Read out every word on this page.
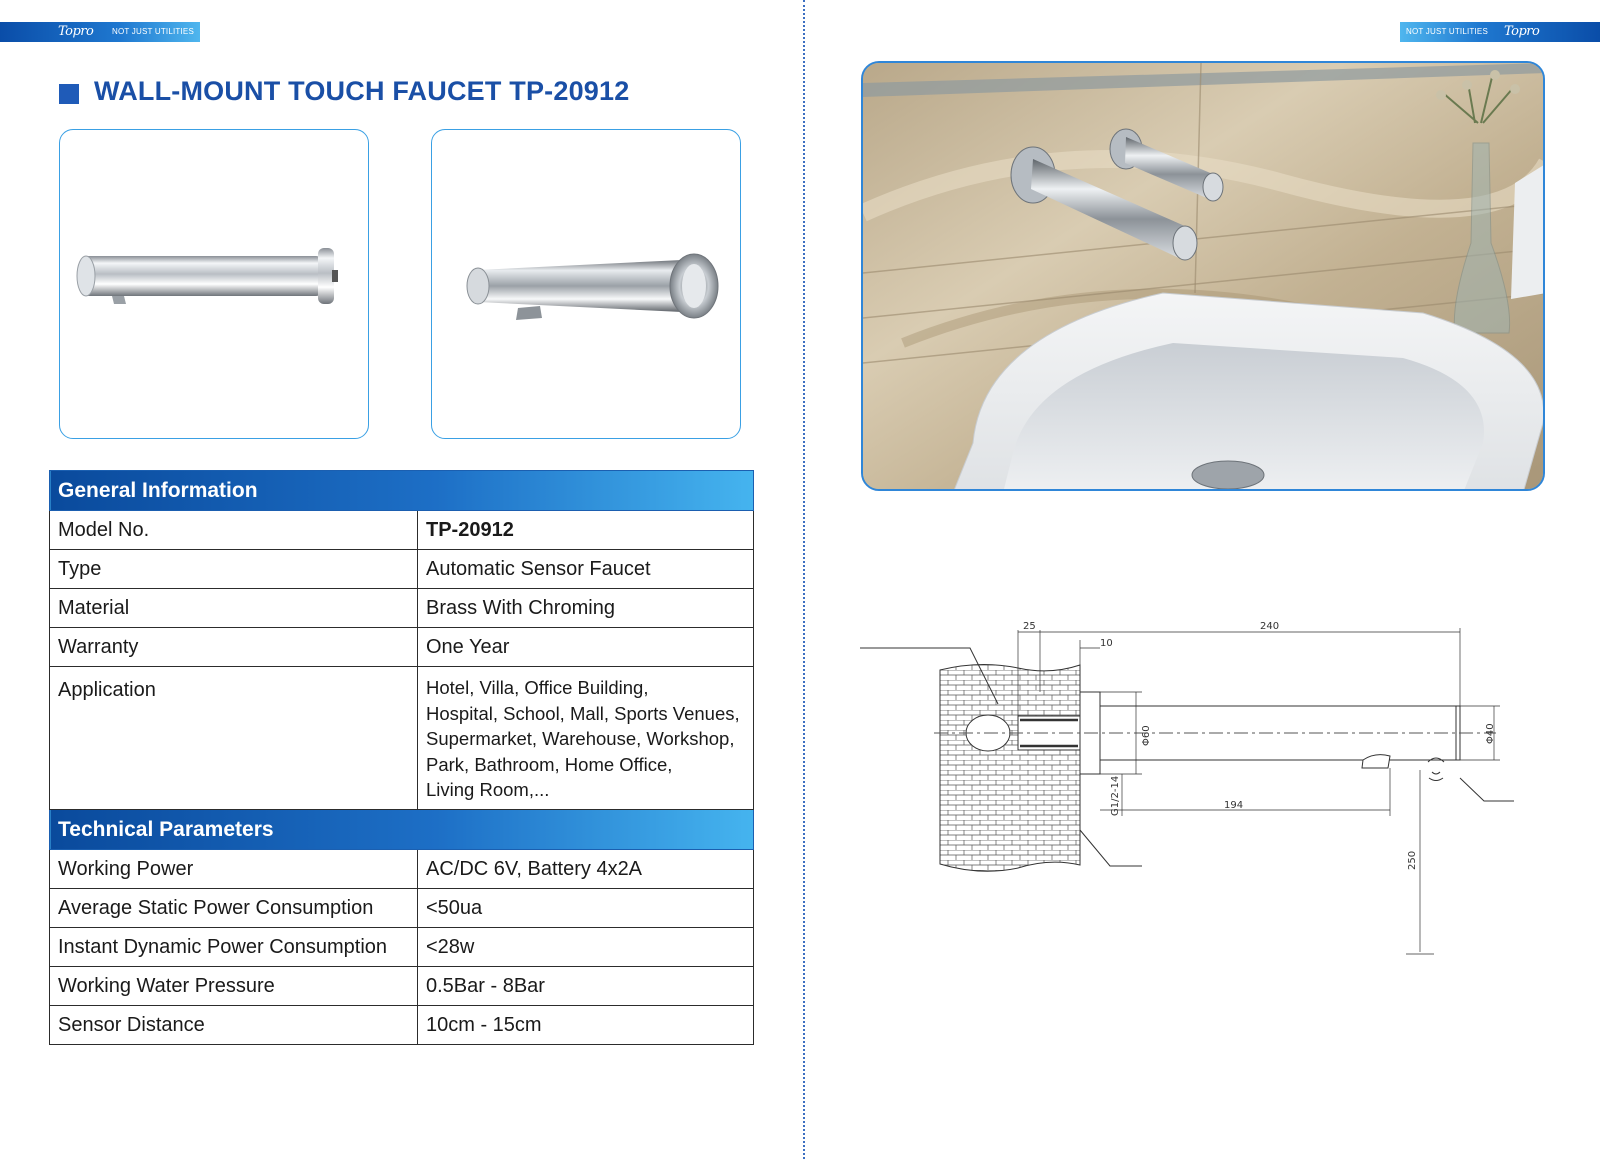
Topro NOT JUST UTILITIES	NOT JUST UTILITIES Topro
WALL-MOUNT TOUCH FAUCET TP-20912
General Information	
Model No.	TP-20912
Type	Automatic Sensor Faucet
Material	Brass With Chroming
Warranty	One Year
Application	Hotel, Villa, Office Building,
Hospital, School, Mall, Sports Venues,
Supermarket, Warehouse, Workshop,
Park, Bathroom, Home Office,
Living Room,...

Technical Parameters	
Working Power	AC/DC 6V, Battery 4x2A
Average Static Power Consumption	<50ua
Instant Dynamic Power Consumption	<28w
Working Water Pressure	0.5Bar - 8Bar
Sensor Distance	10cm - 15cm
25	240
10
Φ60	Φ40
G1/2-14	194
250
